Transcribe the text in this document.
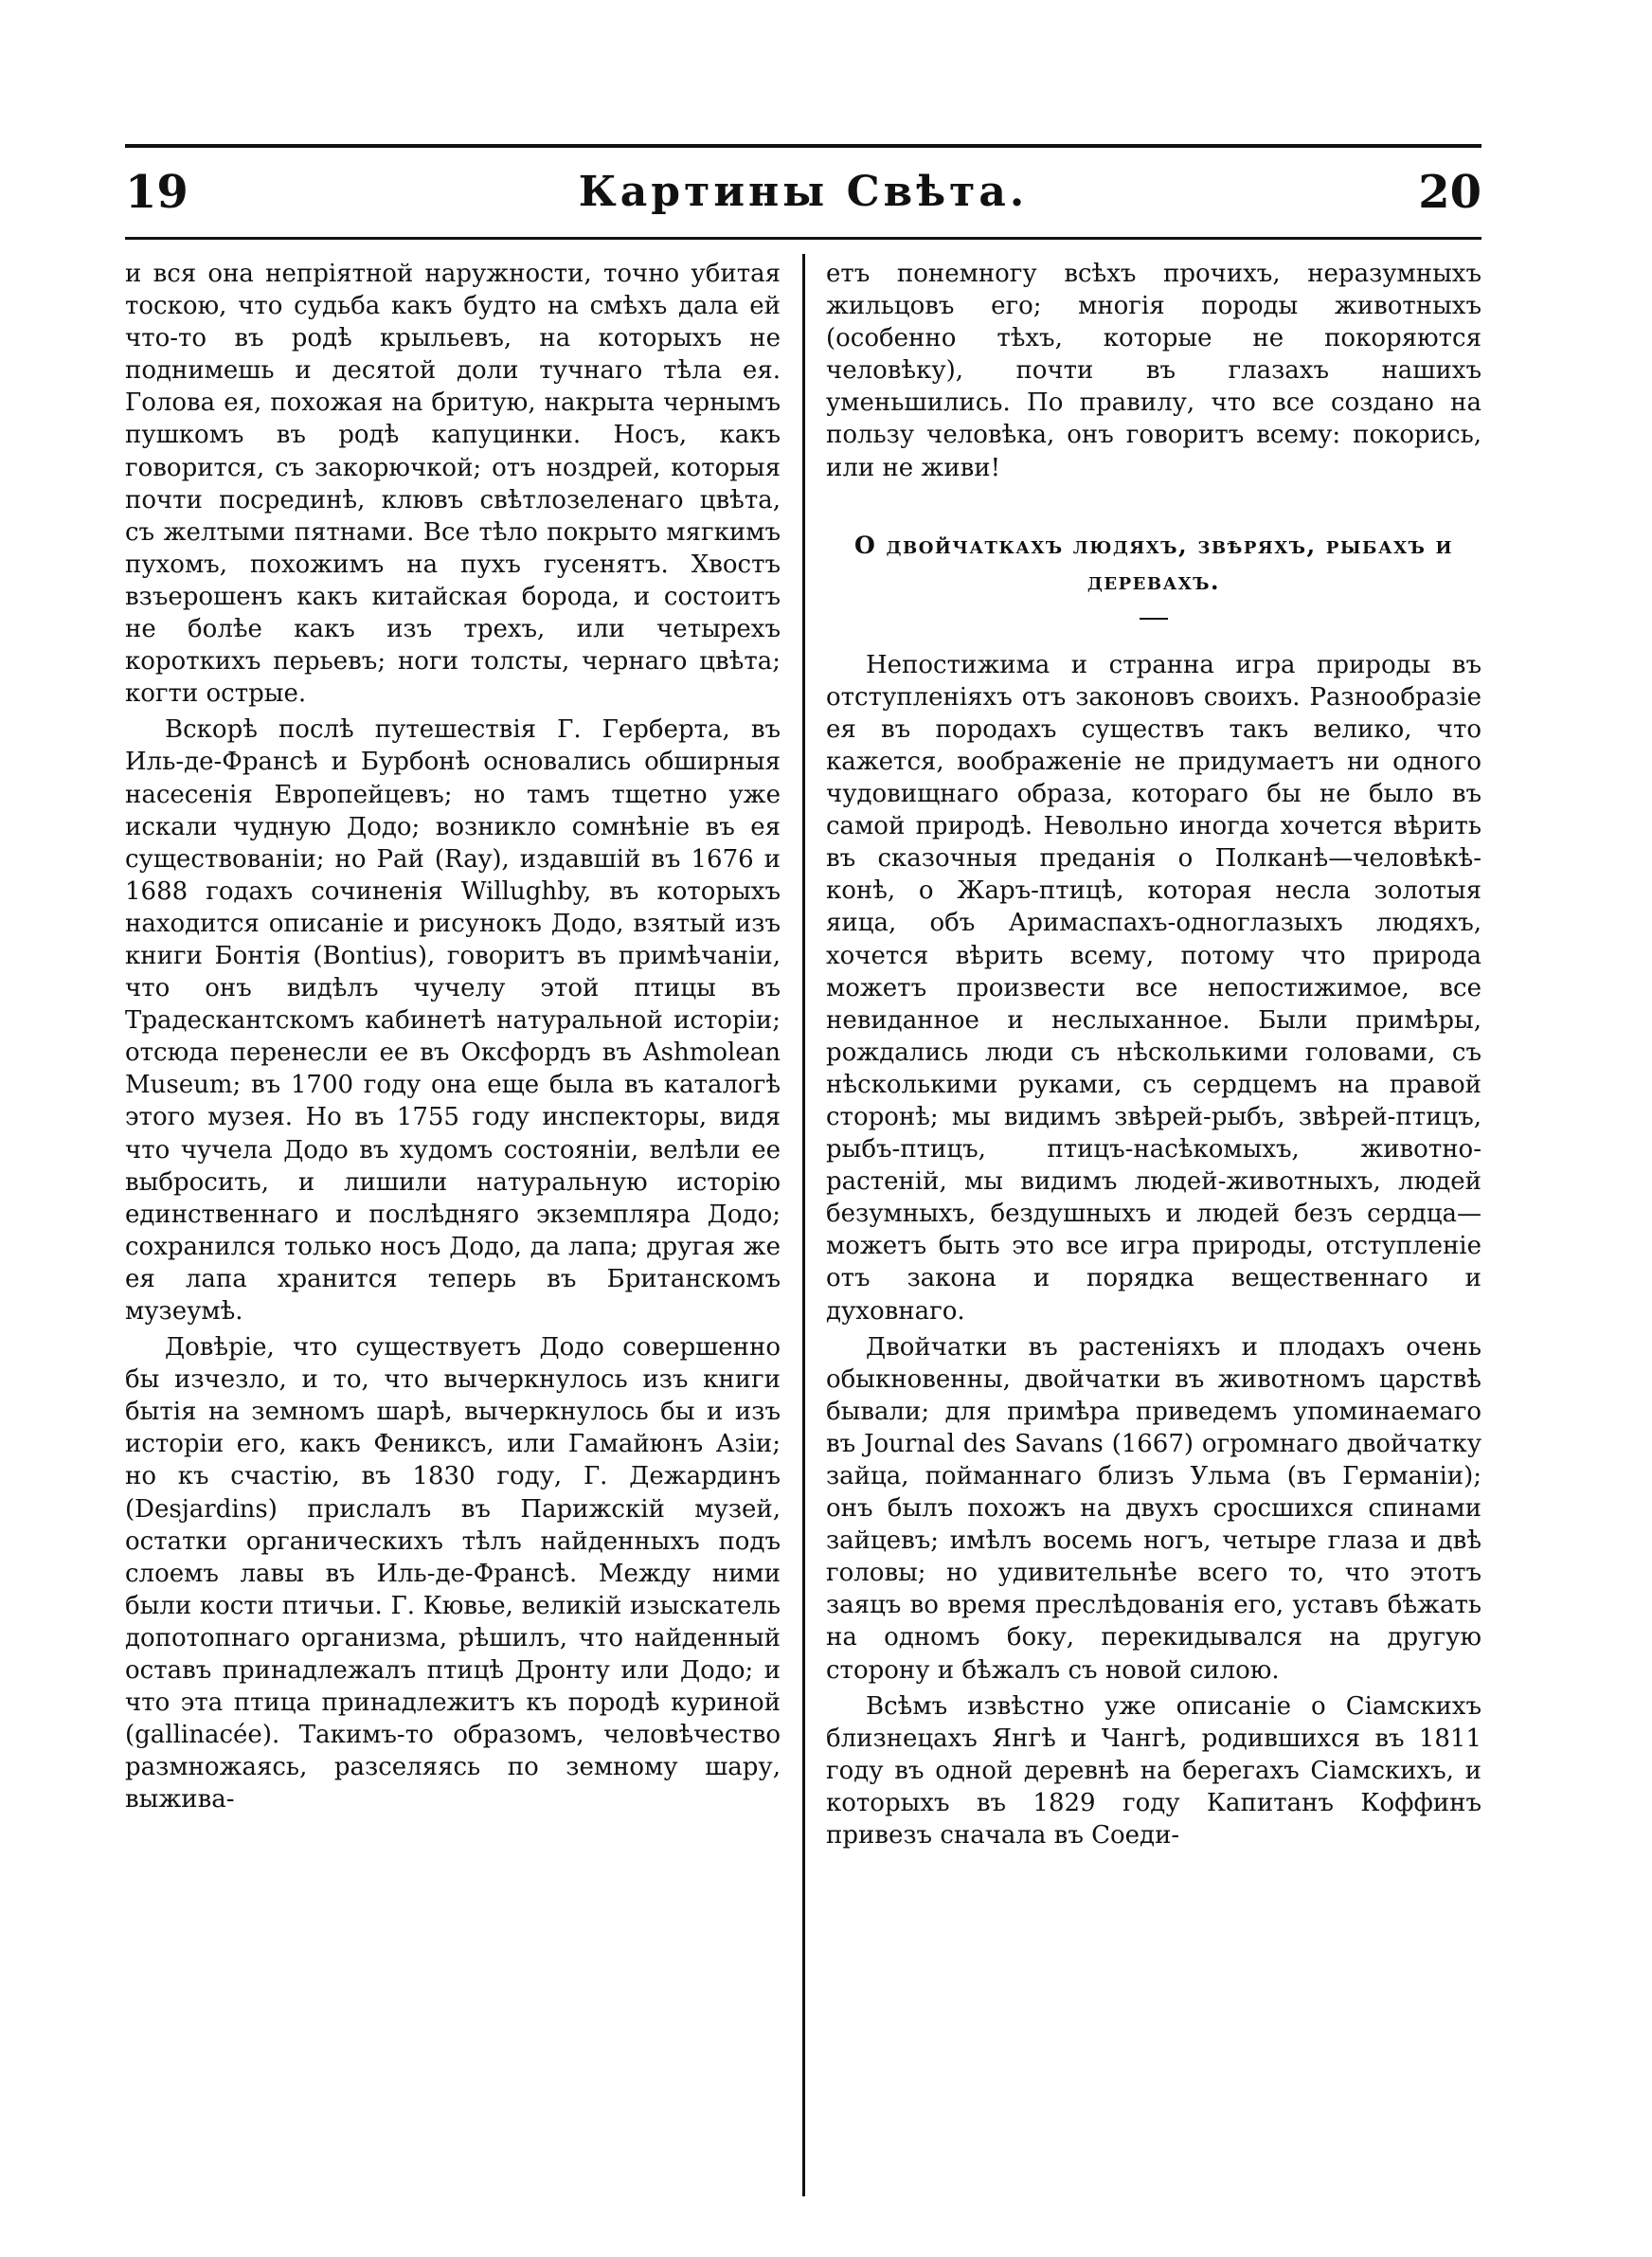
19	Картины Свѣта.	20

и вся она непріятной наружности, точно убитая тоскою, что судьба какъ будто на смѣхъ дала ей что-то въ родѣ крыльевъ, на которыхъ не поднимешь и десятой доли тучнаго тѣла ея. Голова ея, похожая на бритую, накрыта чернымъ пушкомъ въ родѣ капуцинки. Носъ, какъ говорится, съ закорючкой; отъ ноздрей, которыя почти посрединѣ, клювъ свѣтлозеленаго цвѣта, съ желтыми пятнами. Все тѣло покрыто мягкимъ пухомъ, похожимъ на пухъ гусенятъ. Хвостъ взъерошенъ какъ китайская борода, и состоитъ не болѣе какъ изъ трехъ, или четырехъ короткихъ перьевъ; ноги толсты, чернаго цвѣта; когти острые.

Вскорѣ послѣ путешествія Г. Герберта, въ Иль-де-Франсѣ и Бурбонѣ основались обширныя насесенія Европейцевъ; но тамъ тщетно уже искали чудную Додо; возникло сомнѣніе въ ея существованіи; но Рай (Ray), издавшій въ 1676 и 1688 годахъ сочиненія Willughby, въ которыхъ находится описаніе и рисунокъ Додо, взятый изъ книги Бонтія (Bontius), говоритъ въ примѣчаніи, что онъ видѣлъ чучелу этой птицы въ Традескантскомъ кабинетѣ натуральной исторіи; отсюда перенесли ее въ Оксфордъ въ Ashmolean Museum; въ 1700 году она еще была въ каталогѣ этого музея. Но въ 1755 году инспекторы, видя что чучела Додо въ худомъ состояніи, велѣли ее выбросить, и лишили натуральную исторію единственнаго и послѣдняго экземпляра Додо; сохранился только носъ Додо, да лапа; другая же ея лапа хранится теперь въ Британскомъ музеумѣ.

Довѣріе, что существуетъ Додо совершенно бы изчезло, и то, что вычеркнулось изъ книги бытія на земномъ шарѣ, вычеркнулось бы и изъ исторіи его, какъ Фениксъ, или Гамайюнъ Азіи; но къ счастію, въ 1830 году, Г. Дежардинъ (Desjardins) прислалъ въ Парижскій музей, остатки органическихъ тѣлъ найденныхъ подъ слоемъ лавы въ Иль-де-Франсѣ. Между ними были кости птичьи. Г. Кювье, великій изыскатель допотопнаго организма, рѣшилъ, что найденный оставъ принадлежалъ птицѣ Дронту или Додо; и что эта птица принадлежитъ къ породѣ куриной (gallinacée). Такимъ-то образомъ, человѣчество размножаясь, разселяясь по земному шару, выжива-

етъ понемногу всѣхъ прочихъ, неразумныхъ жильцовъ его; многія породы животныхъ (особенно тѣхъ, которые не покоряются человѣку), почти въ глазахъ нашихъ уменьшились. По правилу, что все создано на пользу человѣка, онъ говоритъ всему: покорись, или не живи!

О двойчаткахъ людяхъ, звѣряхъ, рыбахъ и деревахъ.

Непостижима и странна игра природы въ отступленіяхъ отъ законовъ своихъ. Разнообразіе ея въ породахъ существъ такъ велико, что кажется, воображеніе не придумаетъ ни одного чудовищнаго образа, котораго бы не было въ самой природѣ. Невольно иногда хочется вѣрить въ сказочныя преданія о Полканѣ—человѣкѣ-конѣ, о Жаръ-птицѣ, которая несла золотыя яица, объ Аримаспахъ-одноглазыхъ людяхъ, хочется вѣрить всему, потому что природа можетъ произвести все непостижимое, все невиданное и неслыханное. Были примѣры, рождались люди съ нѣсколькими головами, съ нѣсколькими руками, съ сердцемъ на правой сторонѣ; мы видимъ звѣрей-рыбъ, звѣрей-птицъ, рыбъ-птицъ, птицъ-насѣкомыхъ, животно-растеній, мы видимъ людей-животныхъ, людей безумныхъ, бездушныхъ и людей безъ сердца—можетъ быть это все игра природы, отступленіе отъ закона и порядка вещественнаго и духовнаго.

Двойчатки въ растеніяхъ и плодахъ очень обыкновенны, двойчатки въ животномъ царствѣ бывали; для примѣра приведемъ упоминаемаго въ Journal des Savans (1667) огромнаго двойчатку зайца, пойманнаго близъ Ульма (въ Германіи); онъ былъ похожъ на двухъ сросшихся спинами зайцевъ; имѣлъ восемь ногъ, четыре глаза и двѣ головы; но удивительнѣе всего то, что этотъ заяцъ во время преслѣдованія его, уставъ бѣжать на одномъ боку, перекидывался на другую сторону и бѣжалъ съ новой силою.

Всѣмъ извѣстно уже описаніе о Сіамскихъ близнецахъ Янгѣ и Чангѣ, родившихся въ 1811 году въ одной деревнѣ на берегахъ Сіамскихъ, и которыхъ въ 1829 году Капитанъ Коффинъ привезъ сначала въ Соеди-
